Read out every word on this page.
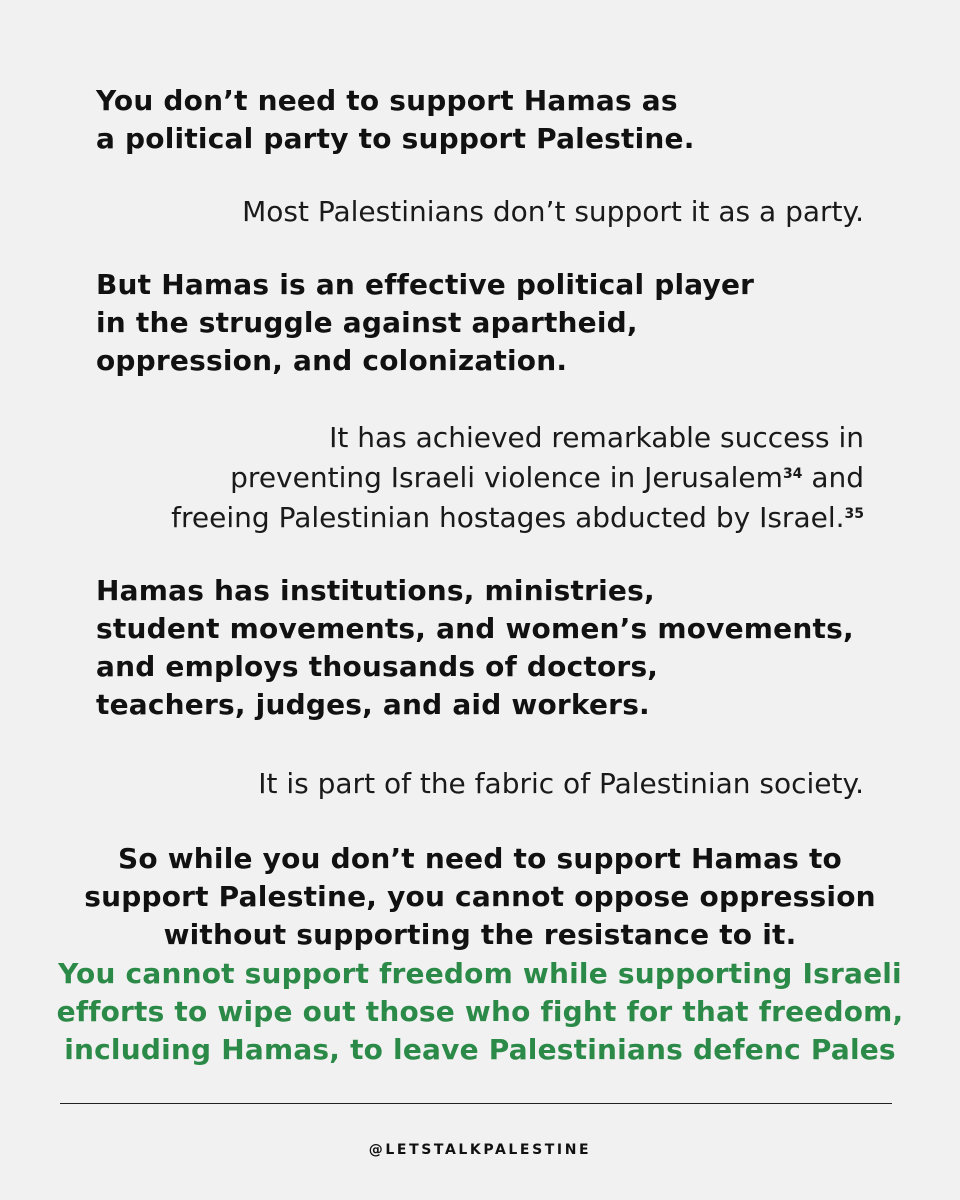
You don’t need to support Hamas as
a political party to support Palestine.
Most Palestinians don’t support it as a party.
But Hamas is an effective political player
in the struggle against apartheid,
oppression, and colonization.
It has achieved remarkable success in
preventing Israeli violence in Jerusalem$^{34}$ and
freeing Palestinian hostages abducted by Israel.$^{35}$
Hamas has institutions, ministries,
student movements, and women’s movements,
and employs thousands of doctors,
teachers, judges, and aid workers.
It is part of the fabric of Palestinian society.
So while you don’t need to support Hamas to
support Palestine, you cannot oppose oppression
without supporting the resistance to it.
You cannot support freedom while supporting Israeli
efforts to wipe out those who fight for that freedom,
including Hamas, to leave Palestinians defenc Pales
@LETSTALKPALESTINE
